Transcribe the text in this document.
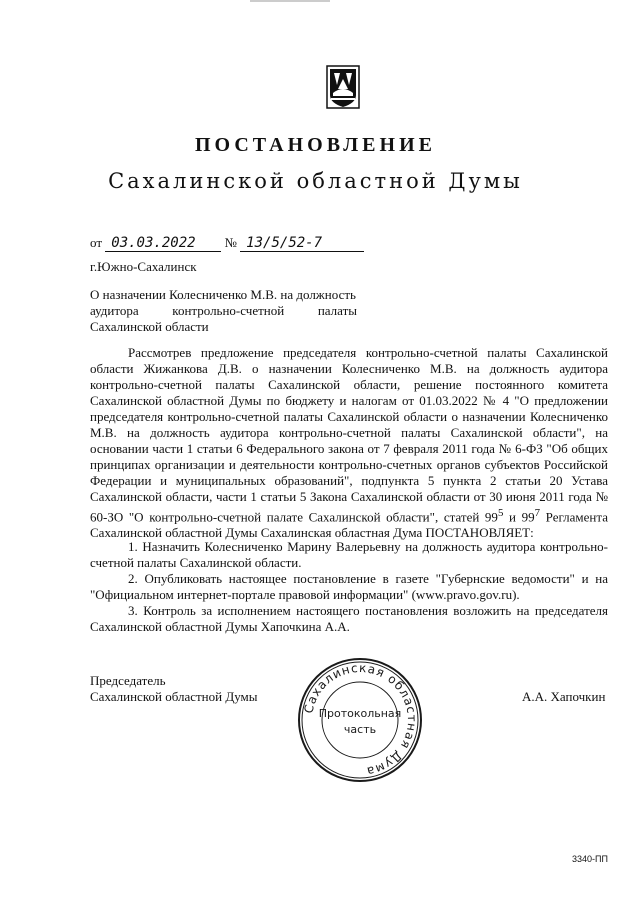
ПОСТАНОВЛЕНИЕ
Сахалинской областной Думы
от 03.03.2022 № 13/5/52-7
г.Южно-Сахалинск
О назначении Колесниченко М.В. на должность
аудитора контрольно-счетной палаты
Сахалинской области

Рассмотрев предложение председателя контрольно-счетной палаты Сахалинской области Жижанкова Д.В. о назначении Колесниченко М.В. на должность аудитора контрольно-счетной палаты Сахалинской области, решение постоянного комитета Сахалинской областной Думы по бюджету и налогам от 01.03.2022 № 4 "О предложении председателя контрольно-счетной палаты Сахалинской области о назначении Колесниченко М.В. на должность аудитора контрольно-счетной палаты Сахалинской области", на основании части 1 статьи 6 Федерального закона от 7 февраля 2011 года № 6-ФЗ "Об общих принципах организации и деятельности контрольно-счетных органов субъектов Российской Федерации и муниципальных образований", подпункта 5 пункта 2 статьи 20 Устава Сахалинской области, части 1 статьи 5 Закона Сахалинской области от 30 июня 2011 года № 60-ЗО "О контрольно-счетной палате Сахалинской области", статей $99^5$ и $99^7$ Регламента Сахалинской областной Думы Сахалинская областная Дума ПОСТАНОВЛЯЕТ:

1. Назначить Колесниченко Марину Валерьевну на должность аудитора контрольно-счетной палаты Сахалинской области.

2. Опубликовать настоящее постановление в газете "Губернские ведомости" и на "Официальном интернет-портале правовой информации" (www.pravo.gov.ru).

3. Контроль за исполнением настоящего постановления возложить на председателя Сахалинской областной Думы Хапочкина А.А.

Председатель
Сахалинской областной Думы	А.А. Хапочкин
Сахалинская областная Дума
Протокольная
часть
3340-ПП
